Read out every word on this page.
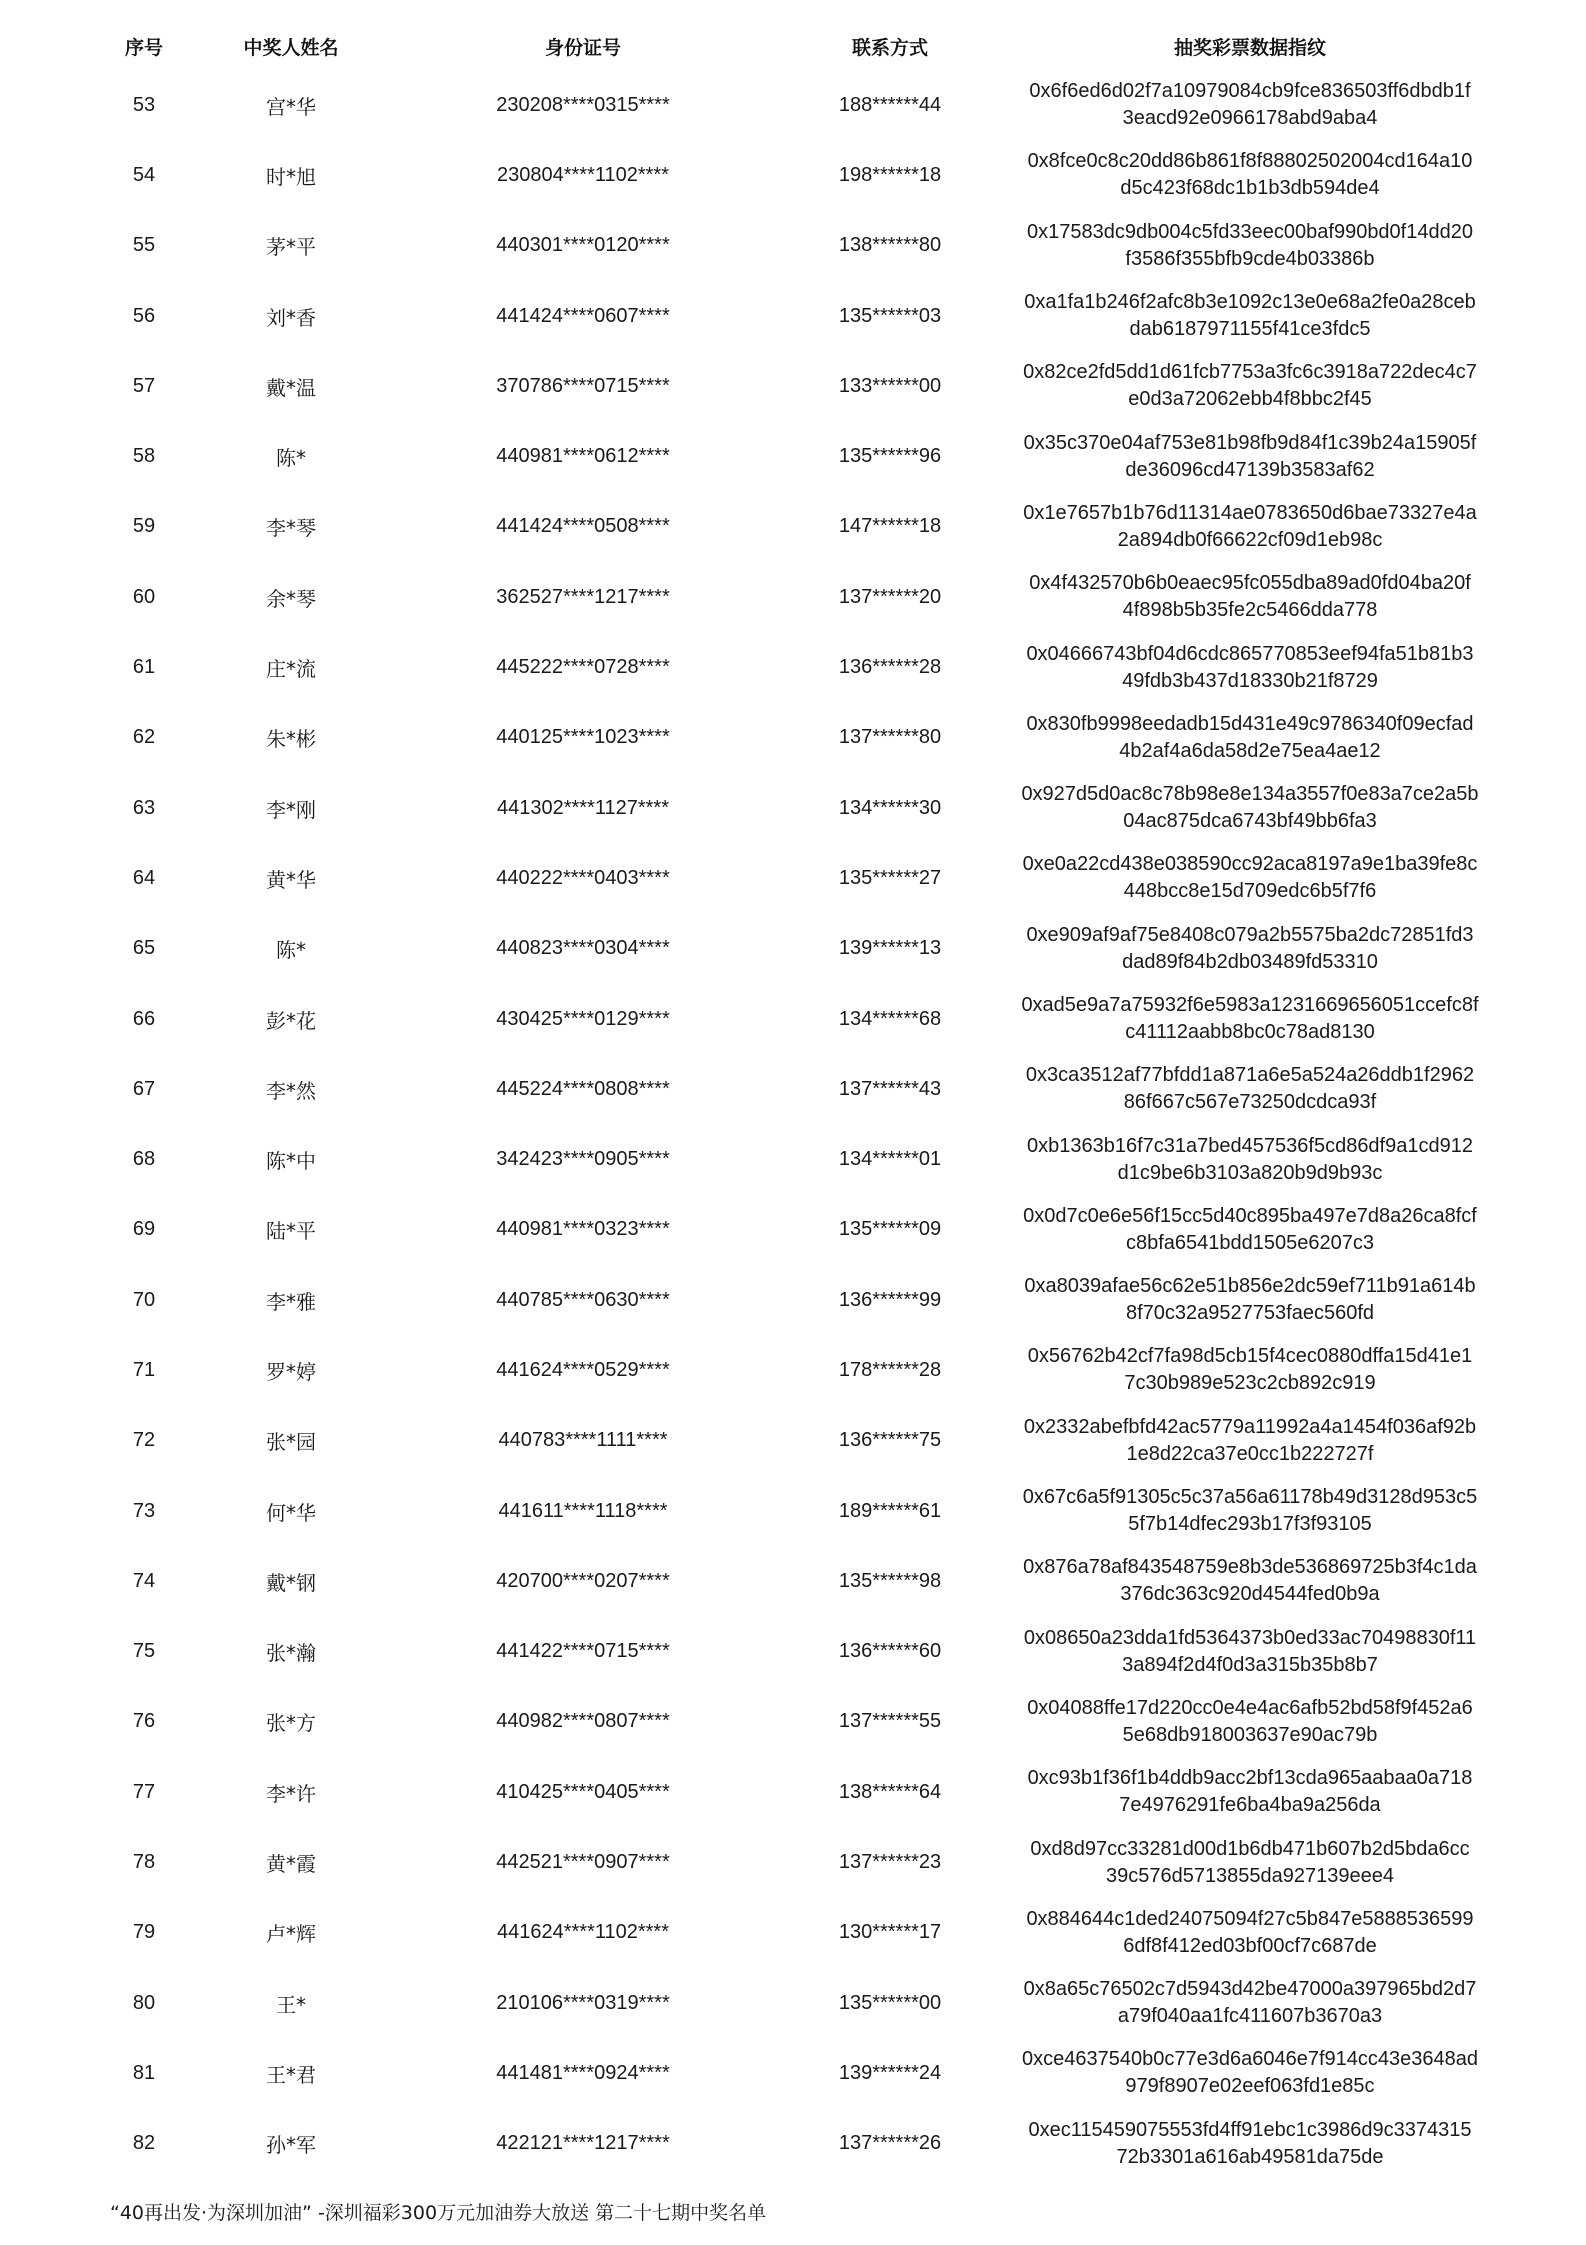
序号	中奖人姓名	身份证号	联系方式	抽奖彩票数据指纹
53	宫*华	230208****0315****	188******44	0x6f6ed6d02f7a10979084cb9fce836503ff6dbdb1f
3eacd92e0966178abd9aba4

54	时*旭	230804****1102****	198******18	0x8fce0c8c20dd86b861f8f88802502004cd164a10
d5c423f68dc1b1b3db594de4

55	茅*平	440301****0120****	138******80	0x17583dc9db004c5fd33eec00baf990bd0f14dd20
f3586f355bfb9cde4b03386b

56	刘*香	441424****0607****	135******03	0xa1fa1b246f2afc8b3e1092c13e0e68a2fe0a28ceb
dab6187971155f41ce3fdc5

57	戴*温	370786****0715****	133******00	0x82ce2fd5dd1d61fcb7753a3fc6c3918a722dec4c7
e0d3a72062ebb4f8bbc2f45

58	陈*	440981****0612****	135******96	0x35c370e04af753e81b98fb9d84f1c39b24a15905f
de36096cd47139b3583af62

59	李*琴	441424****0508****	147******18	0x1e7657b1b76d11314ae0783650d6bae73327e4a
2a894db0f66622cf09d1eb98c

60	余*琴	362527****1217****	137******20	0x4f432570b6b0eaec95fc055dba89ad0fd04ba20f
4f898b5b35fe2c5466dda778

61	庄*流	445222****0728****	136******28	0x04666743bf04d6cdc865770853eef94fa51b81b3
49fdb3b437d18330b21f8729

62	朱*彬	440125****1023****	137******80	0x830fb9998eedadb15d431e49c9786340f09ecfad
4b2af4a6da58d2e75ea4ae12

63	李*刚	441302****1127****	134******30	0x927d5d0ac8c78b98e8e134a3557f0e83a7ce2a5b
04ac875dca6743bf49bb6fa3

64	黄*华	440222****0403****	135******27	0xe0a22cd438e038590cc92aca8197a9e1ba39fe8c
448bcc8e15d709edc6b5f7f6

65	陈*	440823****0304****	139******13	0xe909af9af75e8408c079a2b5575ba2dc72851fd3
dad89f84b2db03489fd53310

66	彭*花	430425****0129****	134******68	0xad5e9a7a75932f6e5983a1231669656051ccefc8f
c41112aabb8bc0c78ad8130

67	李*然	445224****0808****	137******43	0x3ca3512af77bfdd1a871a6e5a524a26ddb1f2962
86f667c567e73250dcdca93f

68	陈*中	342423****0905****	134******01	0xb1363b16f7c31a7bed457536f5cd86df9a1cd912
d1c9be6b3103a820b9d9b93c

69	陆*平	440981****0323****	135******09	0x0d7c0e6e56f15cc5d40c895ba497e7d8a26ca8fcf
c8bfa6541bdd1505e6207c3

70	李*雅	440785****0630****	136******99	0xa8039afae56c62e51b856e2dc59ef711b91a614b
8f70c32a9527753faec560fd

71	罗*婷	441624****0529****	178******28	0x56762b42cf7fa98d5cb15f4cec0880dffa15d41e1
7c30b989e523c2cb892c919

72	张*园	440783****1111****	136******75	0x2332abefbfd42ac5779a11992a4a1454f036af92b
1e8d22ca37e0cc1b222727f

73	何*华	441611****1118****	189******61	0x67c6a5f91305c5c37a56a61178b49d3128d953c5
5f7b14dfec293b17f3f93105

74	戴*钢	420700****0207****	135******98	0x876a78af843548759e8b3de536869725b3f4c1da
376dc363c920d4544fed0b9a

75	张*瀚	441422****0715****	136******60	0x08650a23dda1fd5364373b0ed33ac70498830f11
3a894f2d4f0d3a315b35b8b7

76	张*方	440982****0807****	137******55	0x04088ffe17d220cc0e4e4ac6afb52bd58f9f452a6
5e68db918003637e90ac79b

77	李*许	410425****0405****	138******64	0xc93b1f36f1b4ddb9acc2bf13cda965aabaa0a718
7e4976291fe6ba4ba9a256da

78	黄*霞	442521****0907****	137******23	0xd8d97cc33281d00d1b6db471b607b2d5bda6cc
39c576d5713855da927139eee4

79	卢*辉	441624****1102****	130******17	0x884644c1ded24075094f27c5b847e5888536599
6df8f412ed03bf00cf7c687de

80	王*	210106****0319****	135******00	0x8a65c76502c7d5943d42be47000a397965bd2d7
a79f040aa1fc411607b3670a3

81	王*君	441481****0924****	139******24	0xce4637540b0c77e3d6a6046e7f914cc43e3648ad
979f8907e02eef063fd1e85c

82	孙*军	422121****1217****	137******26	0xec115459075553fd4ff91ebc1c3986d9c3374315
72b3301a616ab49581da75de
“40再出发·为深圳加油” -深圳福彩300万元加油券大放送 第二十七期中奖名单
